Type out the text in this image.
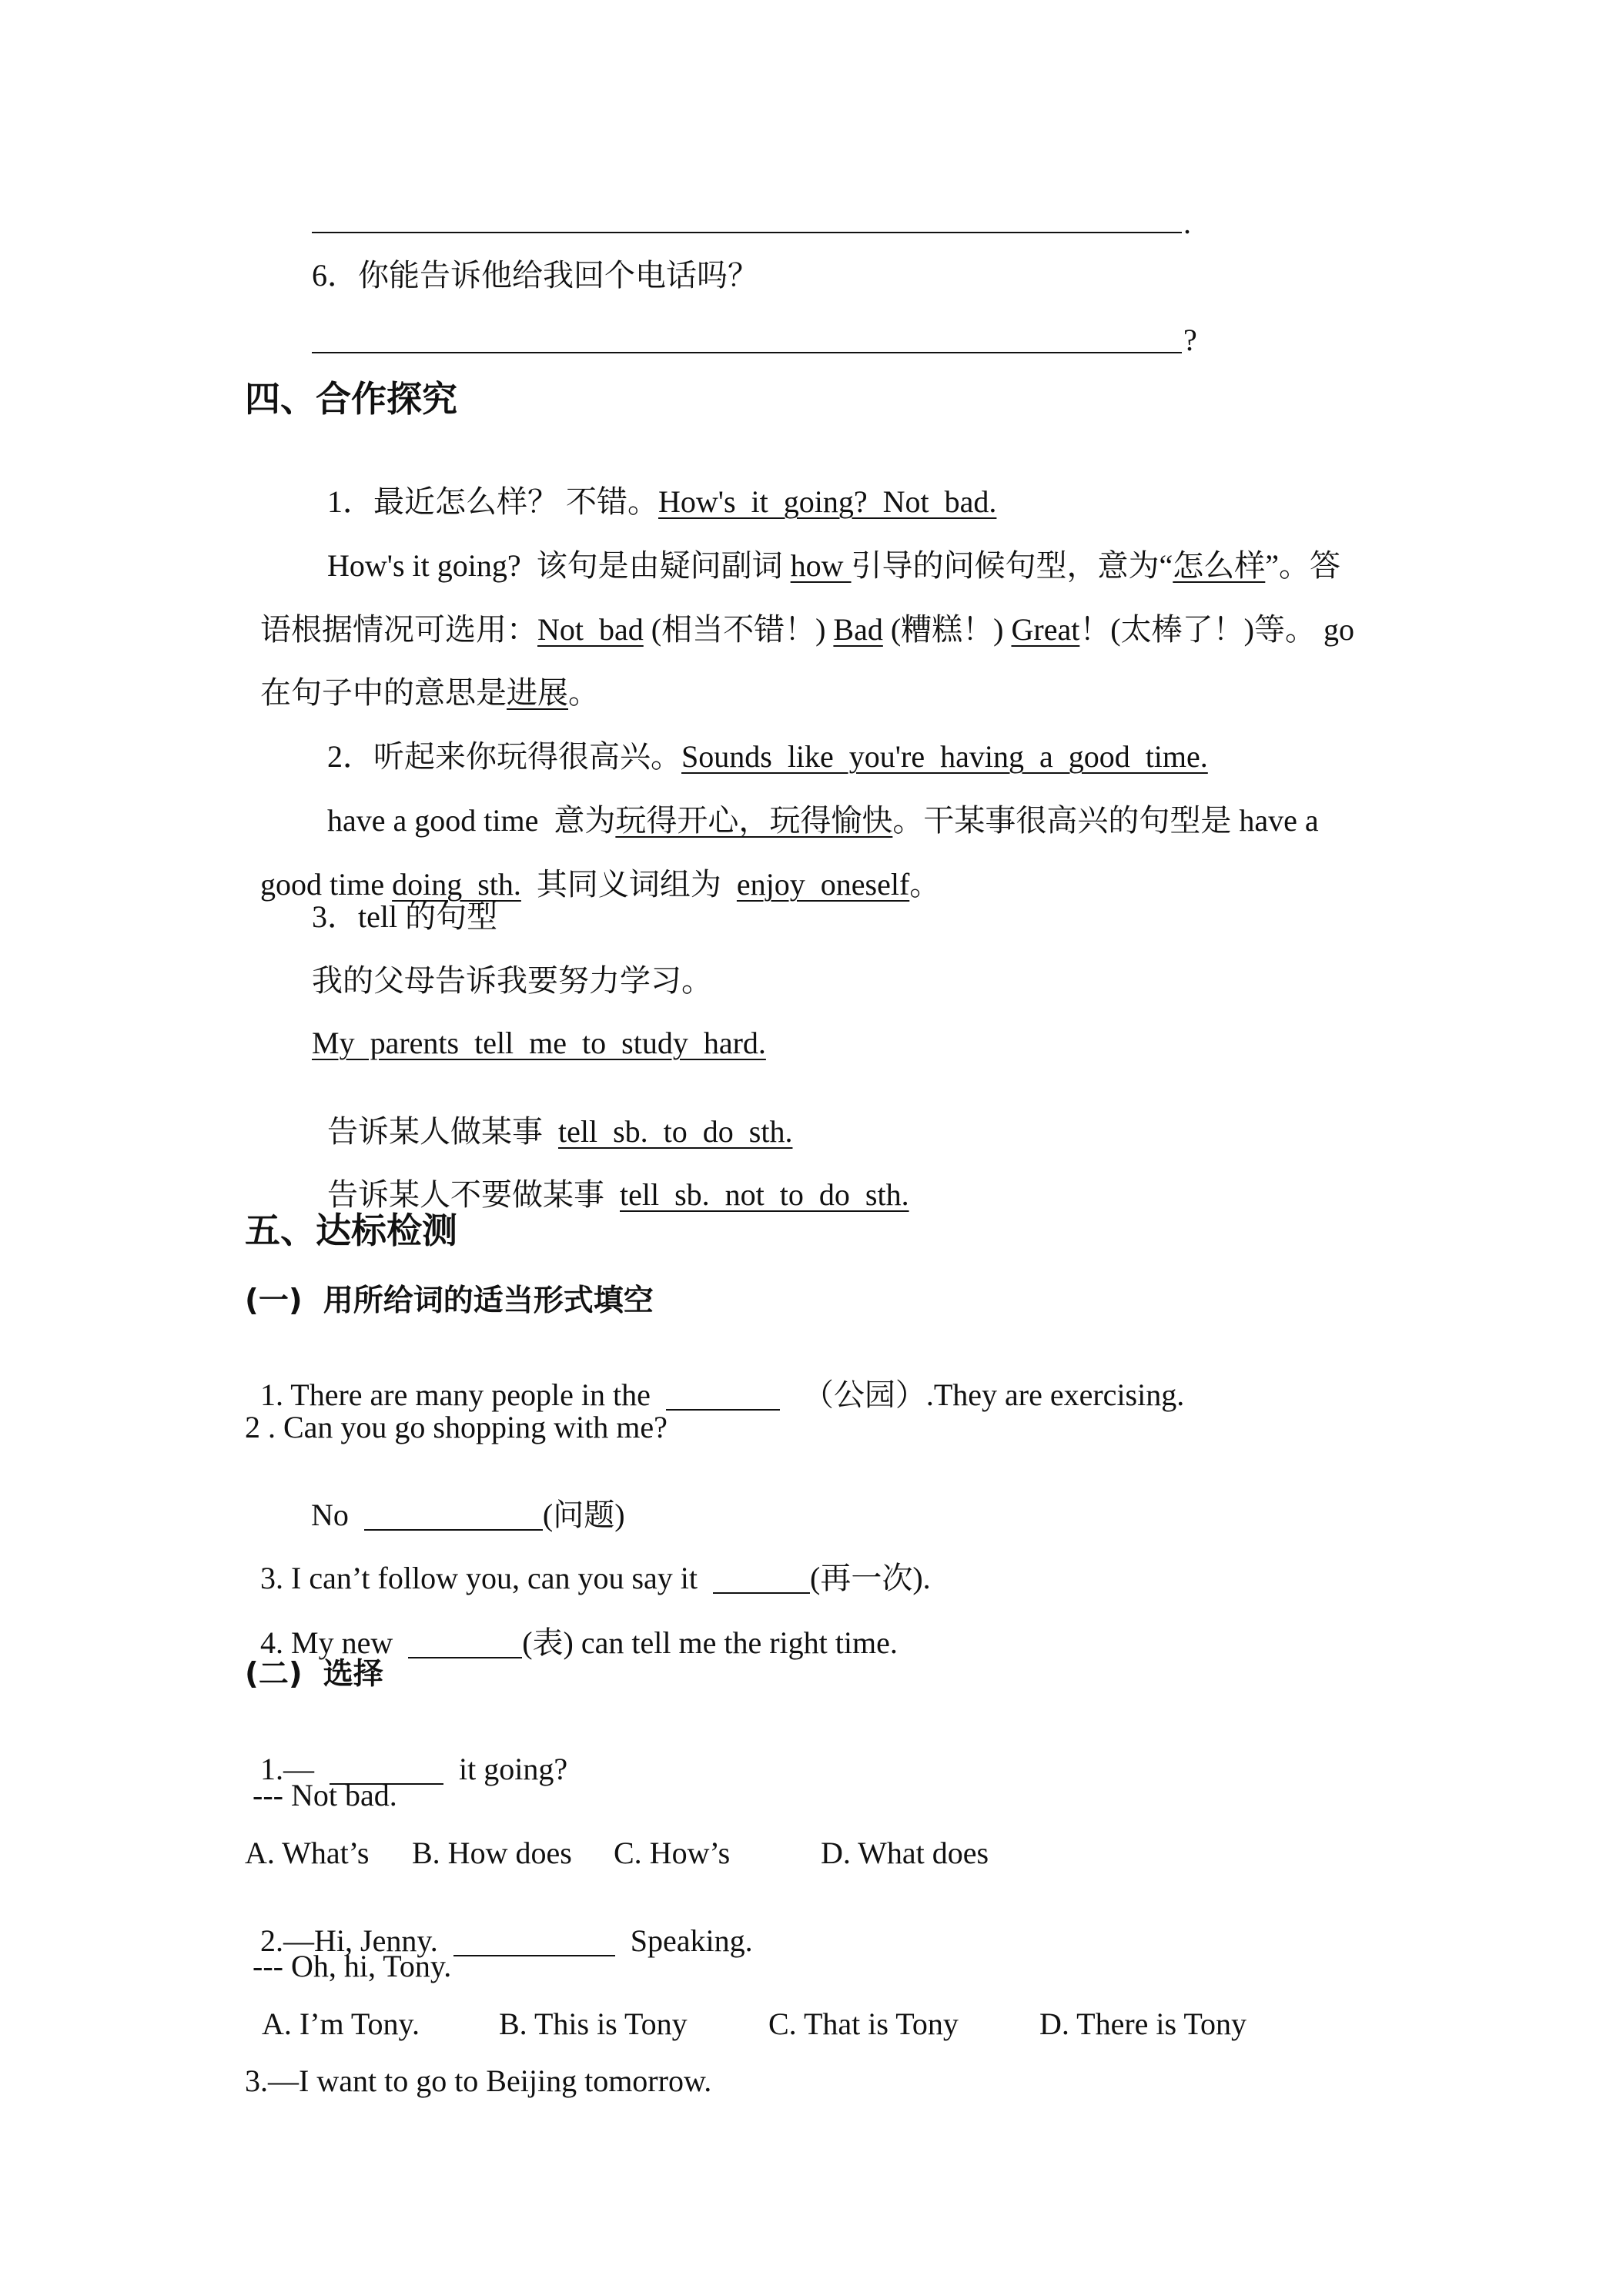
.
6．你能告诉他给我回个电话吗？
?
四、合作探究

1．最近怎么样？ 不错。How's  it  going?  Not  bad.

How's it going?  该句是由疑问副词 how 引导的问候句型，意为“怎么样”。答

语根据情况可选用：Not  bad (相当不错！) Bad (糟糕！) Great！(太棒了！)等。 go

在句子中的意思是进展。

2．听起来你玩得很高兴。Sounds  like  you're  having  a  good  time.

have a good time  意为玩得开心，玩得愉快。干某事很高兴的句型是 have a

good time doing  sth.  其同义词组为  enjoy  oneself。

3．tell 的句型
我的父母告诉我要努力学习。
My  parents  tell  me  to  study  hard.

告诉某人做某事  tell  sb.  to  do  sth.

告诉某人不要做某事  tell  sb.  not  to  do  sth.

五、达标检测
(一)  用所给词的适当形式填空

1. There are many people in the	（公园）.They are exercising.

2 . Can you go shopping with me?

No	(问题)

3. I can’t follow you, can you say it	(再一次).

4. My new	(表) can tell me the right time.

(二)  选择

1.—	it going?

--- Not bad.
A. What’s B. How does C. How’s	D. What does

2.—Hi, Jenny.	Speaking.

--- Oh, hi, Tony.
A. I’m Tony.	B. This is Tony	C. That is Tony	D. There is Tony
3.—I want to go to Beijing tomorrow.
